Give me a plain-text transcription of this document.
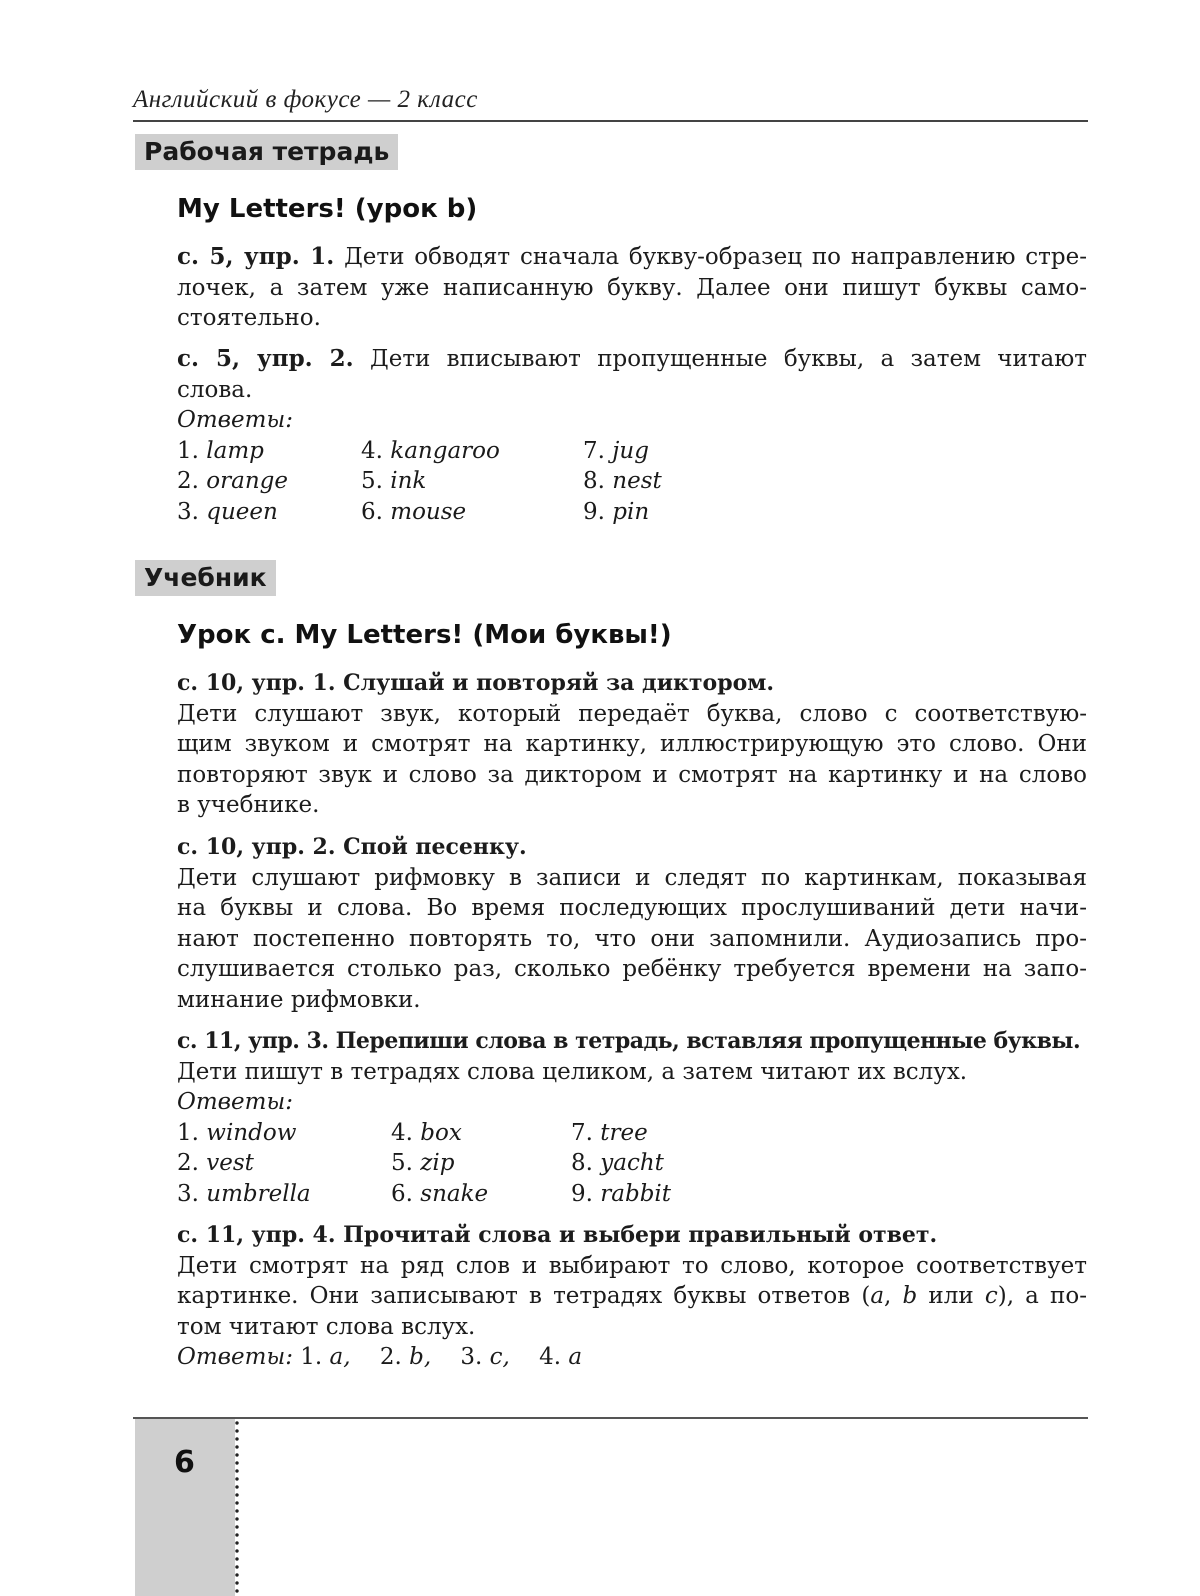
Английский в фокусе — 2 класс
Рабочая тетрадь
My Letters! (урок b)

с. 5, упр. 1. Дети обводят сначала букву-образец по направлению стре-

лочек, а затем уже написанную букву. Далее они пишут буквы само-

стоятельно.

с. 5, упр. 2. Дети вписывают пропущенные буквы, а затем читают

слова.

Ответы:
1. lamp
2. orange
3. queen
4. kangaroo
5. ink
6. mouse
7. jug
8. nest
9. pin
Учебник
Урок c. My Letters! (Мои буквы!)
с. 10, упр. 1. Слушай и повторяй за диктором.

Дети слушают звук, который передаёт буква, слово с соответствую-

щим звуком и смотрят на картинку, иллюстрирующую это слово. Они

повторяют звук и слово за диктором и смотрят на картинку и на слово

в учебнике.

с. 10, упр. 2. Спой песенку.

Дети слушают рифмовку в записи и следят по картинкам, показывая

на буквы и слова. Во время последующих прослушиваний дети начи-

нают постепенно повторять то, что они запомнили. Аудиозапись про-

слушивается столько раз, сколько ребёнку требуется времени на запо-

минание рифмовки.

с. 11, упр. 3. Перепиши слова в тетрадь, вставляя пропущенные буквы.

Дети пишут в тетрадях слова целиком, а затем читают их вслух.

Ответы:
1. window
2. vest
3. umbrella
4. box
5. zip
6. snake
7. tree
8. yacht
9. rabbit
с. 11, упр. 4. Прочитай слова и выбери правильный ответ.

Дети смотрят на ряд слов и выбирают то слово, которое соответствует

картинке. Они записывают в тетрадях буквы ответов (a, b или c), а по-

том читают слова вслух.

Ответы: 1. a, 2. b, 3. c, 4. a
6
